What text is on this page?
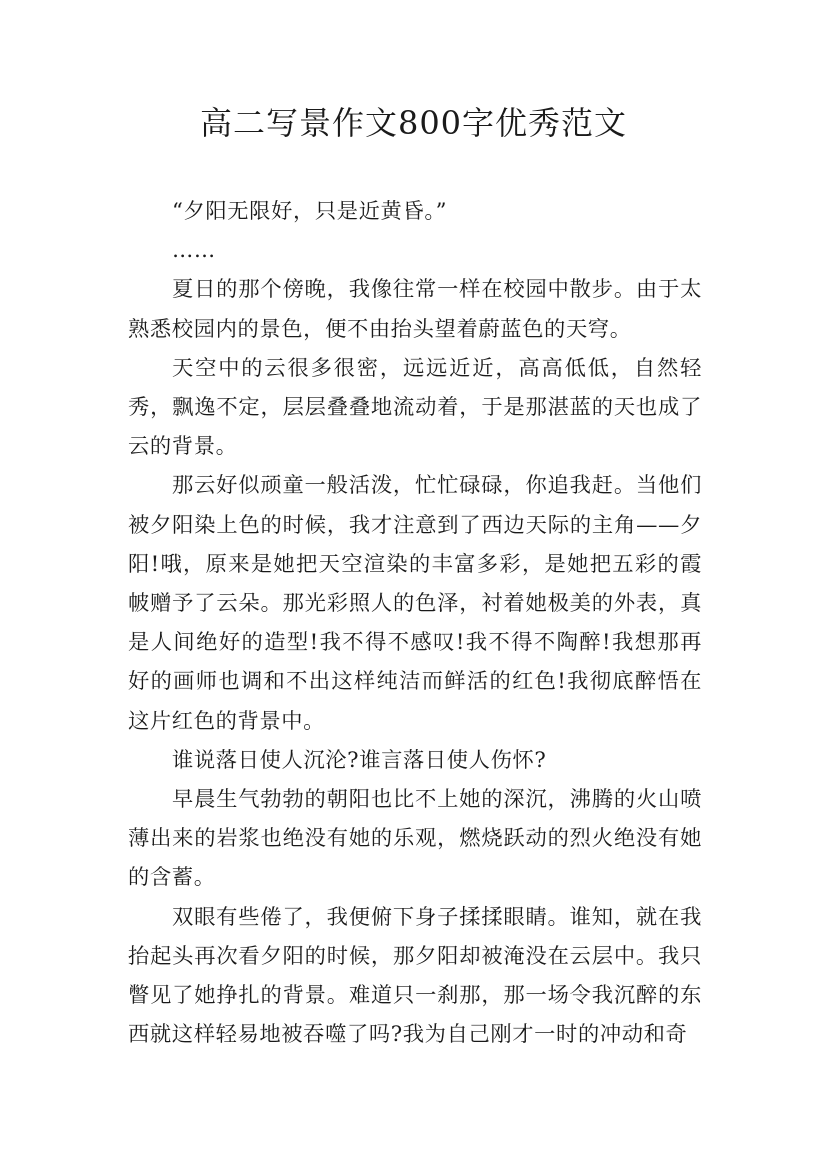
高二写景作文800字优秀范文

“夕阳无限好，只是近黄昏。”

……

夏日的那个傍晚，我像往常一样在校园中散步。由于太熟悉校园内的景色，便不由抬头望着蔚蓝色的天穹。

天空中的云很多很密，远远近近，高高低低，自然轻秀，飘逸不定，层层叠叠地流动着，于是那湛蓝的天也成了云的背景。

那云好似顽童一般活泼，忙忙碌碌，你追我赶。当他们被夕阳染上色的时候，我才注意到了西边天际的主角——夕阳!哦，原来是她把天空渲染的丰富多彩，是她把五彩的霞帔赠予了云朵。那光彩照人的色泽，衬着她极美的外表，真是人间绝好的造型!我不得不感叹!我不得不陶醉!我想那再好的画师也调和不出这样纯洁而鲜活的红色!我彻底醉悟在这片红色的背景中。

谁说落日使人沉沦?谁言落日使人伤怀?

早晨生气勃勃的朝阳也比不上她的深沉，沸腾的火山喷薄出来的岩浆也绝没有她的乐观，燃烧跃动的烈火绝没有她的含蓄。

双眼有些倦了，我便俯下身子揉揉眼睛。谁知，就在我抬起头再次看夕阳的时候，那夕阳却被淹没在云层中。我只瞥见了她挣扎的背景。难道只一刹那，那一场令我沉醉的东西就这样轻易地被吞噬了吗?我为自己刚才一时的冲动和奇
